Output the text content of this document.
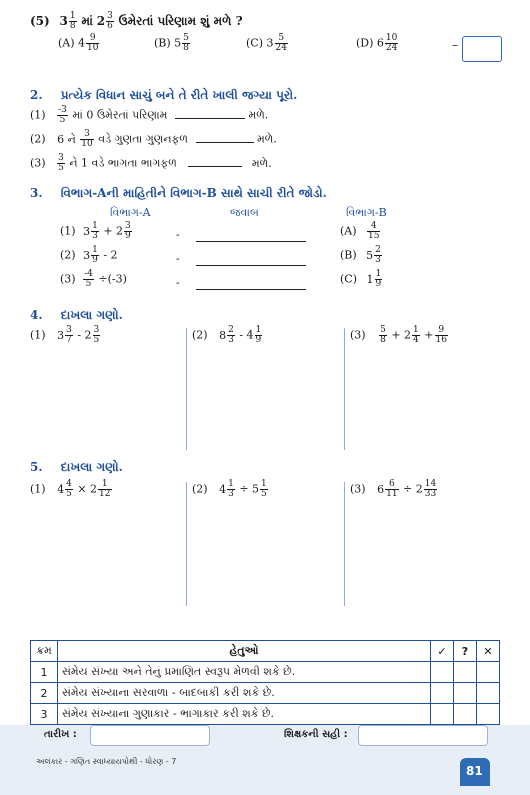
(5) $3 \frac{1}{8}$ માં $2 \frac{3}{6}$ ઉમેરતાં પરિણામ શું મળે ?
(A) $4 \frac{9}{10}$	(B) $5 \frac{5}{8}$	(C) $3 \frac{5}{24}$	(D) $6 \frac{10}{24}$	–
2. પ્રત્યેક વિધાન સાચું બને તે રીતે ખાલી જગ્યા પૂરો.
$(1) \frac{-3}{5}$ માં 0 ઉમેરતાં પરિણામ	મળે.
(2) 6 ને $\frac{3}{10}$ વડે ગુણતા ગુણનફળ	મળે.
$(3) \frac{3}{5}$ ને 1 વડે ભાગતા ભાગફળ	મળે.
3. વિભાગ-Aની માહિતીને વિભાગ-B સાથે સાચી રીતે જોડો.
વિભાગ-A	જવાબ	વિભાગ-B
(1) $3 \frac{1}{3} + 2 \frac{3}{9}$	-	$(A) \frac{4}{15}$
(2) $3 \frac{1}{9} - 2$	-	(B) $5 \frac{2}{3}$
$(3) \frac{-4}{5} \div(-3)$	-	(C) $1 \frac{1}{9}$
4. દાખલા ગણો.
(1) $3 \frac{3}{7} - 2 \frac{3}{5}$	(2) $8 \frac{2}{3} - 4 \frac{1}{9}$	$(3) \frac{5}{8} + 2 \frac{1}{4} + \frac{9}{16}$
5. દાખલા ગણો.
(1) $4 \frac{4}{5} \times 2 \frac{1}{12}$	(2) $4 \frac{1}{3} \div 5 \frac{1}{5}$	(3) $6 \frac{6}{11} \div 2 \frac{14}{33}$
ક્રમ	હેતુઓ	✓	?	✕
1	સંમેય સંખ્યા અને તેનું પ્રમાણિત સ્વરૂપ મેળવી શકે છે.			
2	સંમેય સંખ્યાના સરવાળા - બાદબાકી કરી શકે છે.			
3	સંમેય સંખ્યાના ગુણાકાર - ભાગાકાર કરી શકે છે.			
તારીખ :	શિક્ષકની સહી :
અલંકાર - ગણિત સ્વાધ્યાયપોથી - ધોરણ - 7
81
